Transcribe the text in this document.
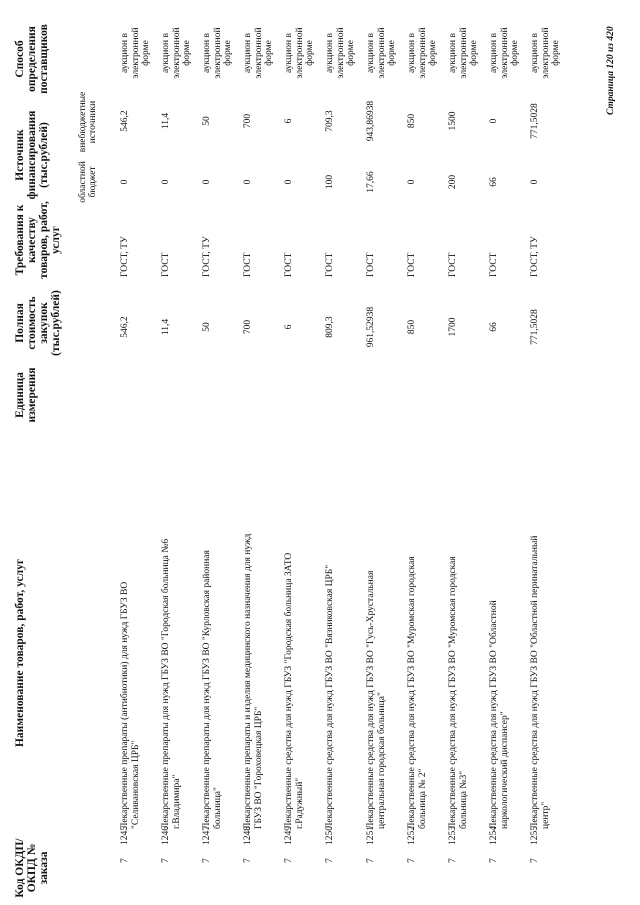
Код ОКДП/ ОКПД № заказа
Наименование товаров, работ, услуг
Единица измерения
Полная стоимость закупок (тыс.рублей)
Требования к качеству товаров, работ, услуг
Источник финансирования (тыс.рублей)	областной бюджет
внебюджетные источники
Способ определения поставщиков
7
1245
Лекарственные препараты (антибиотики) для нужд ГБУЗ ВО "Селивановская ЦРБ"
546,2
ГОСТ, ТУ
0
546,2
аукцион в электронной форме
7
1246
Лекарственные препараты для нужд ГБУЗ ВО "Городская больница №6 г.Владимира"
11,4
ГОСТ
0
11,4
аукцион в электронной форме
7
1247
Лекарственные препараты для нужд ГБУЗ ВО "Курловская районная больница"
50
ГОСТ, ТУ
0
50
аукцион в электронной форме
7
1248
Лекарственные препараты и изделия медицинского назначения для нужд ГБУЗ ВО "Гороховецкая ЦРБ"
700
ГОСТ
0
700
аукцион в электронной форме
7
1249
Лекарственные средства для нужд ГБУЗ "Городская больница ЗАТО г.Радужный"
6
ГОСТ
0
6
аукцион в электронной форме
7
1250
Лекарственные средства для нужд ГБУЗ ВО "Вязниковская ЦРБ"
809,3
ГОСТ
100
709,3
аукцион в электронной форме
7
1251
Лекарственные средства для нужд ГБУЗ ВО "Гусь-Хрустальная центральная городская больница"
961,52938
ГОСТ
17,66
943,86938
аукцион в электронной форме
7
1252
Лекарственные средства для нужд ГБУЗ ВО "Муромская городская больница № 2"
850
ГОСТ
0
850
аукцион в электронной форме
7
1253
Лекарственные средства для нужд ГБУЗ ВО "Муромская городская больница №3"
1700
ГОСТ
200
1500
аукцион в электронной форме
7
1254
Лекарственные средства для нужд ГБУЗ ВО "Областной наркологический диспансер"
66
ГОСТ
66
0
аукцион в электронной форме
7
1255
Лекарственные средства для нужд ГБУЗ ВО "Областной перинатальный центр"
771,5028
ГОСТ, ТУ
0
771,5028
аукцион в электронной форме	Страница 120 из 420
